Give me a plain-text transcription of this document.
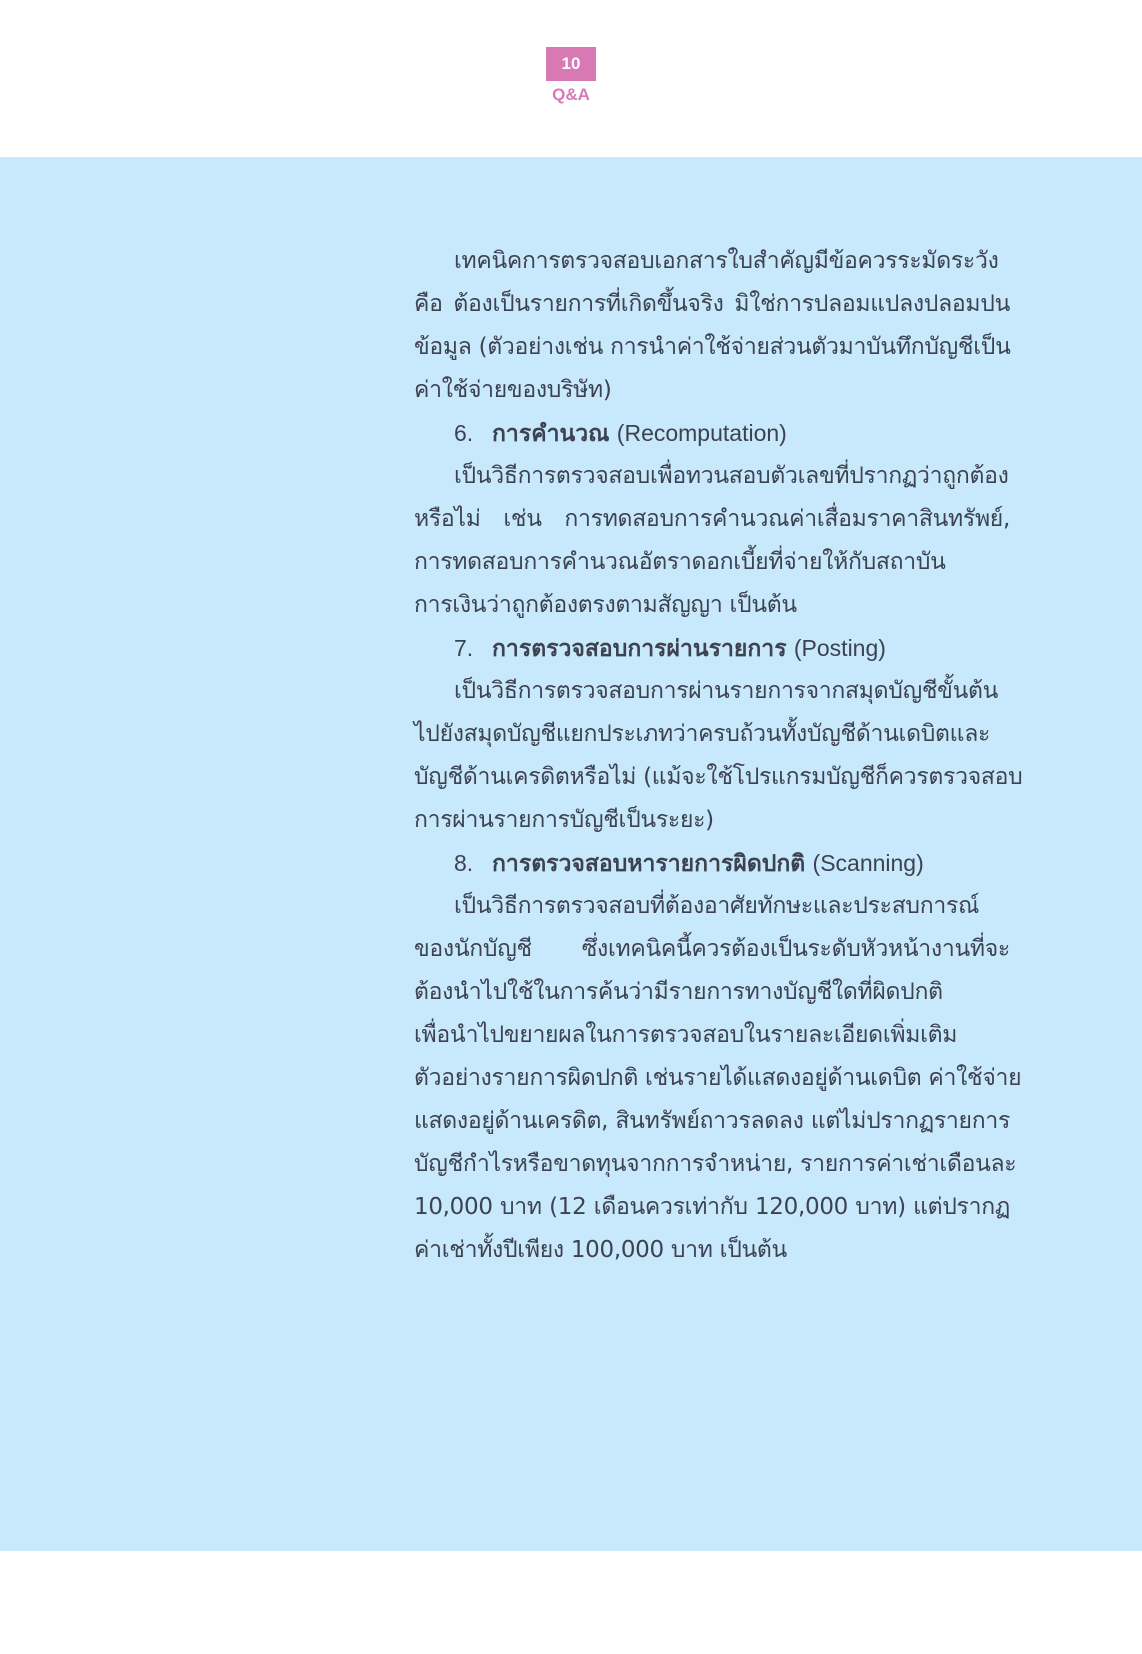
10
Q&A
เทคนิคการตรวจสอบเอกสารใบสำคัญมีข้อควรระมัดระวัง
คือ ต้องเป็นรายการที่เกิดขึ้นจริง มิใช่การปลอมแปลงปลอมปน
ข้อมูล (ตัวอย่างเช่น การนำค่าใช้จ่ายส่วนตัวมาบันทึกบัญชีเป็น
ค่าใช้จ่ายของบริษัท)
6. การคำนวณ (Recomputation)
เป็นวิธีการตรวจสอบเพื่อทวนสอบตัวเลขที่ปรากฏว่าถูกต้อง
หรือไม่ เช่น การทดสอบการคำนวณค่าเสื่อมราคาสินทรัพย์,
การทดสอบการคำนวณอัตราดอกเบี้ยที่จ่ายให้กับสถาบัน
การเงินว่าถูกต้องตรงตามสัญญา เป็นต้น
7. การตรวจสอบการผ่านรายการ (Posting)
เป็นวิธีการตรวจสอบการผ่านรายการจากสมุดบัญชีขั้นต้น
ไปยังสมุดบัญชีแยกประเภทว่าครบถ้วนทั้งบัญชีด้านเดบิตและ
บัญชีด้านเครดิตหรือไม่ (แม้จะใช้โปรแกรมบัญชีก็ควรตรวจสอบ
การผ่านรายการบัญชีเป็นระยะ)
8. การตรวจสอบหารายการผิดปกติ (Scanning)
เป็นวิธีการตรวจสอบที่ต้องอาศัยทักษะและประสบการณ์
ของนักบัญชี ซึ่งเทคนิคนี้ควรต้องเป็นระดับหัวหน้างานที่จะ
ต้องนำไปใช้ในการค้นว่ามีรายการทางบัญชีใดที่ผิดปกติ
เพื่อนำไปขยายผลในการตรวจสอบในรายละเอียดเพิ่มเติม
ตัวอย่างรายการผิดปกติ เช่นรายได้แสดงอยู่ด้านเดบิต ค่าใช้จ่าย
แสดงอยู่ด้านเครดิต, สินทรัพย์ถาวรลดลง แต่ไม่ปรากฏรายการ
บัญชีกำไรหรือขาดทุนจากการจำหน่าย, รายการค่าเช่าเดือนละ
10,000 บาท (12 เดือนควรเท่ากับ 120,000 บาท) แต่ปรากฏ
ค่าเช่าทั้งปีเพียง 100,000 บาท เป็นต้น
